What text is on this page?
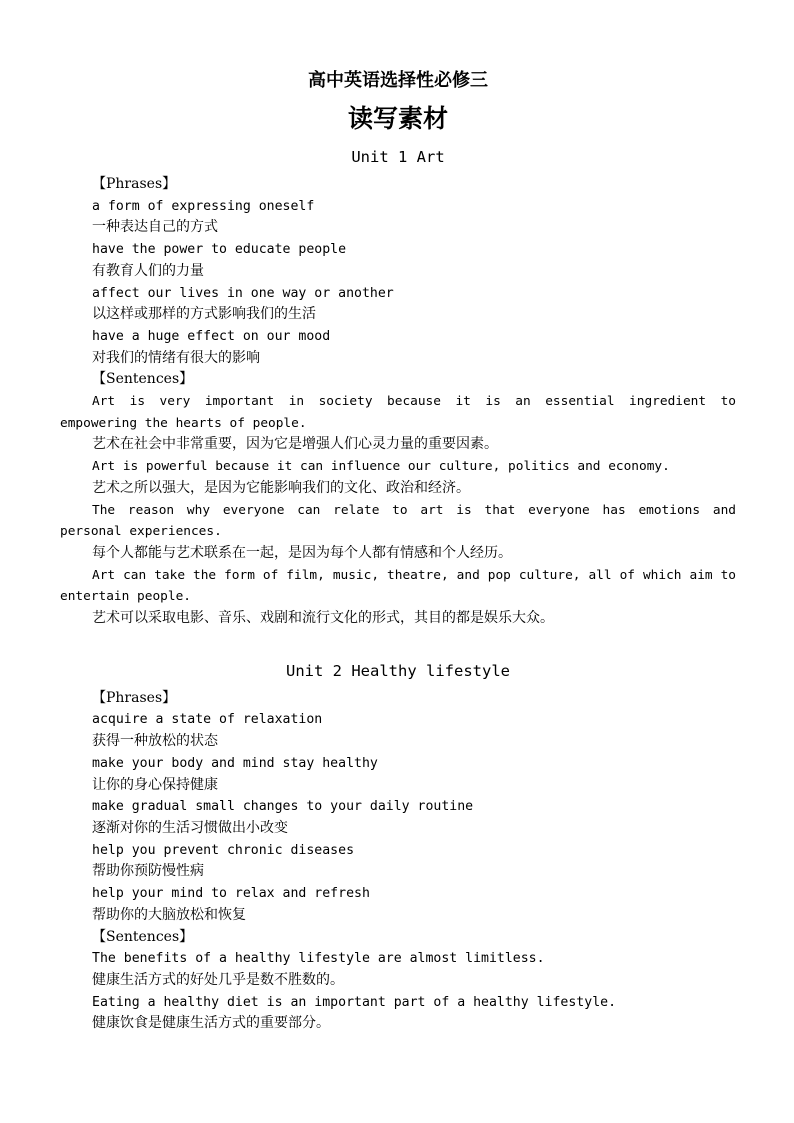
高中英语选择性必修三
读写素材
Unit 1 Art
【Phrases】
a form of expressing oneself
一种表达自己的方式
have the power to educate people
有教育人们的力量
affect our lives in one way or another
以这样或那样的方式影响我们的生活
have a huge effect on our mood
对我们的情绪有很大的影响
【Sentences】
Art is very important in society because it is an essential ingredient to empowering the hearts of people.
艺术在社会中非常重要，因为它是增强人们心灵力量的重要因素。
Art is powerful because it can influence our culture, politics and economy.
艺术之所以强大，是因为它能影响我们的文化、政治和经济。
The reason why everyone can relate to art is that everyone has emotions and personal experiences.
每个人都能与艺术联系在一起，是因为每个人都有情感和个人经历。
Art can take the form of film, music, theatre, and pop culture, all of which aim to entertain people.
艺术可以采取电影、音乐、戏剧和流行文化的形式，其目的都是娱乐大众。
Unit 2 Healthy lifestyle
【Phrases】
acquire a state of relaxation
获得一种放松的状态
make your body and mind stay healthy
让你的身心保持健康
make gradual small changes to your daily routine
逐渐对你的生活习惯做出小改变
help you prevent chronic diseases
帮助你预防慢性病
help your mind to relax and refresh
帮助你的大脑放松和恢复
【Sentences】
The benefits of a healthy lifestyle are almost limitless.
健康生活方式的好处几乎是数不胜数的。
Eating a healthy diet is an important part of a healthy lifestyle.
健康饮食是健康生活方式的重要部分。
